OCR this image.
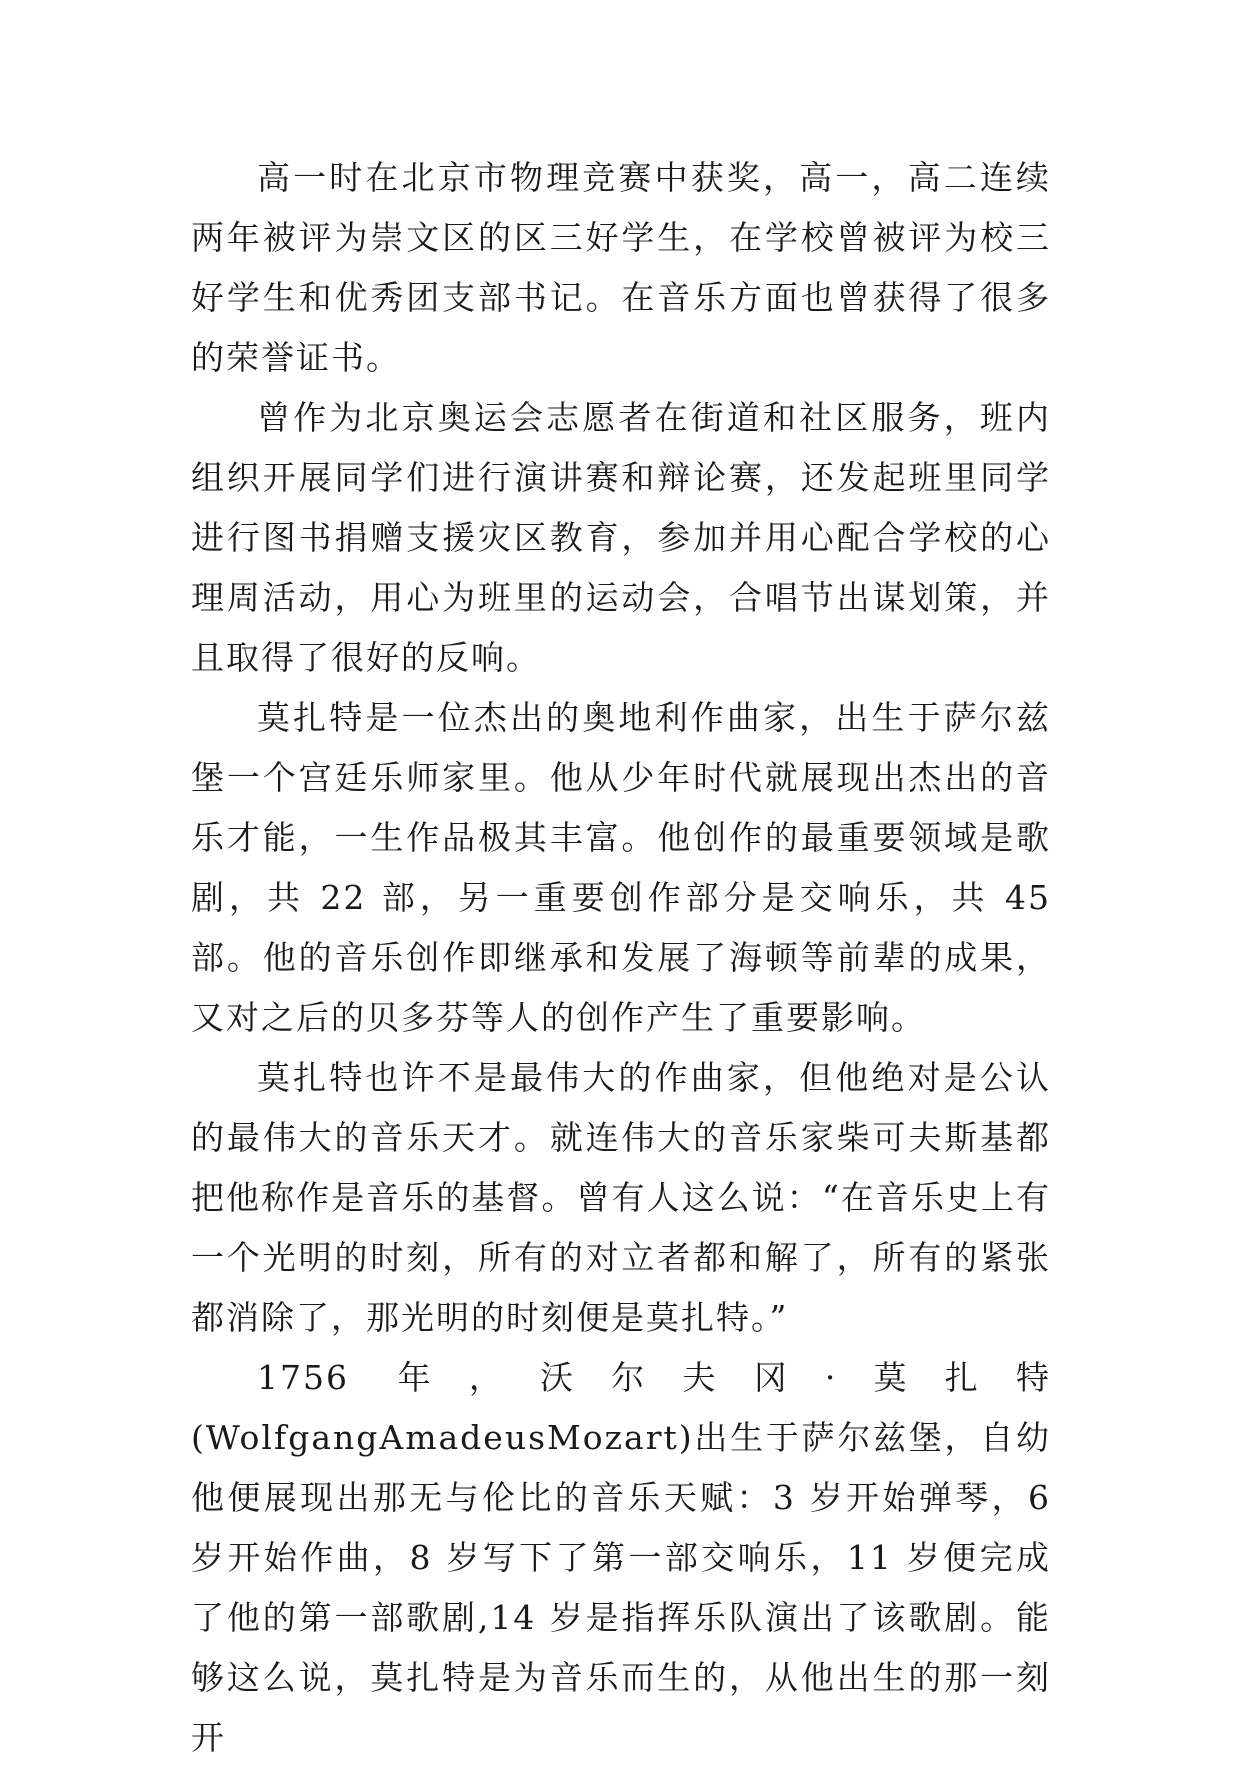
高一时在北京市物理竞赛中获奖，高一，高二连续两年被评为崇文区的区三好学生，在学校曾被评为校三好学生和优秀团支部书记。在音乐方面也曾获得了很多的荣誉证书。

曾作为北京奥运会志愿者在街道和社区服务，班内组织开展同学们进行演讲赛和辩论赛，还发起班里同学进行图书捐赠支援灾区教育，参加并用心配合学校的心理周活动，用心为班里的运动会，合唱节出谋划策，并且取得了很好的反响。

莫扎特是一位杰出的奥地利作曲家，出生于萨尔兹堡一个宫廷乐师家里。他从少年时代就展现出杰出的音乐才能，一生作品极其丰富。他创作的最重要领域是歌剧，共 22 部，另一重要创作部分是交响乐，共 45 部。他的音乐创作即继承和发展了海顿等前辈的成果，又对之后的贝多芬等人的创作产生了重要影响。

莫扎特也许不是最伟大的作曲家，但他绝对是公认的最伟大的音乐天才。就连伟大的音乐家柴可夫斯基都把他称作是音乐的基督。曾有人这么说：“在音乐史上有一个光明的时刻，所有的对立者都和解了，所有的紧张都消除了，那光明的时刻便是莫扎特。”

1756 年，沃尔夫冈·莫扎特(WolfgangAmadeusMozart)出生于萨尔兹堡，自幼他便展现出那无与伦比的音乐天赋：3 岁开始弹琴，6 岁开始作曲，8 岁写下了第一部交响乐，11 岁便完成了他的第一部歌剧,14 岁是指挥乐队演出了该歌剧。能够这么说，莫扎特是为音乐而生的，从他出生的那一刻开
